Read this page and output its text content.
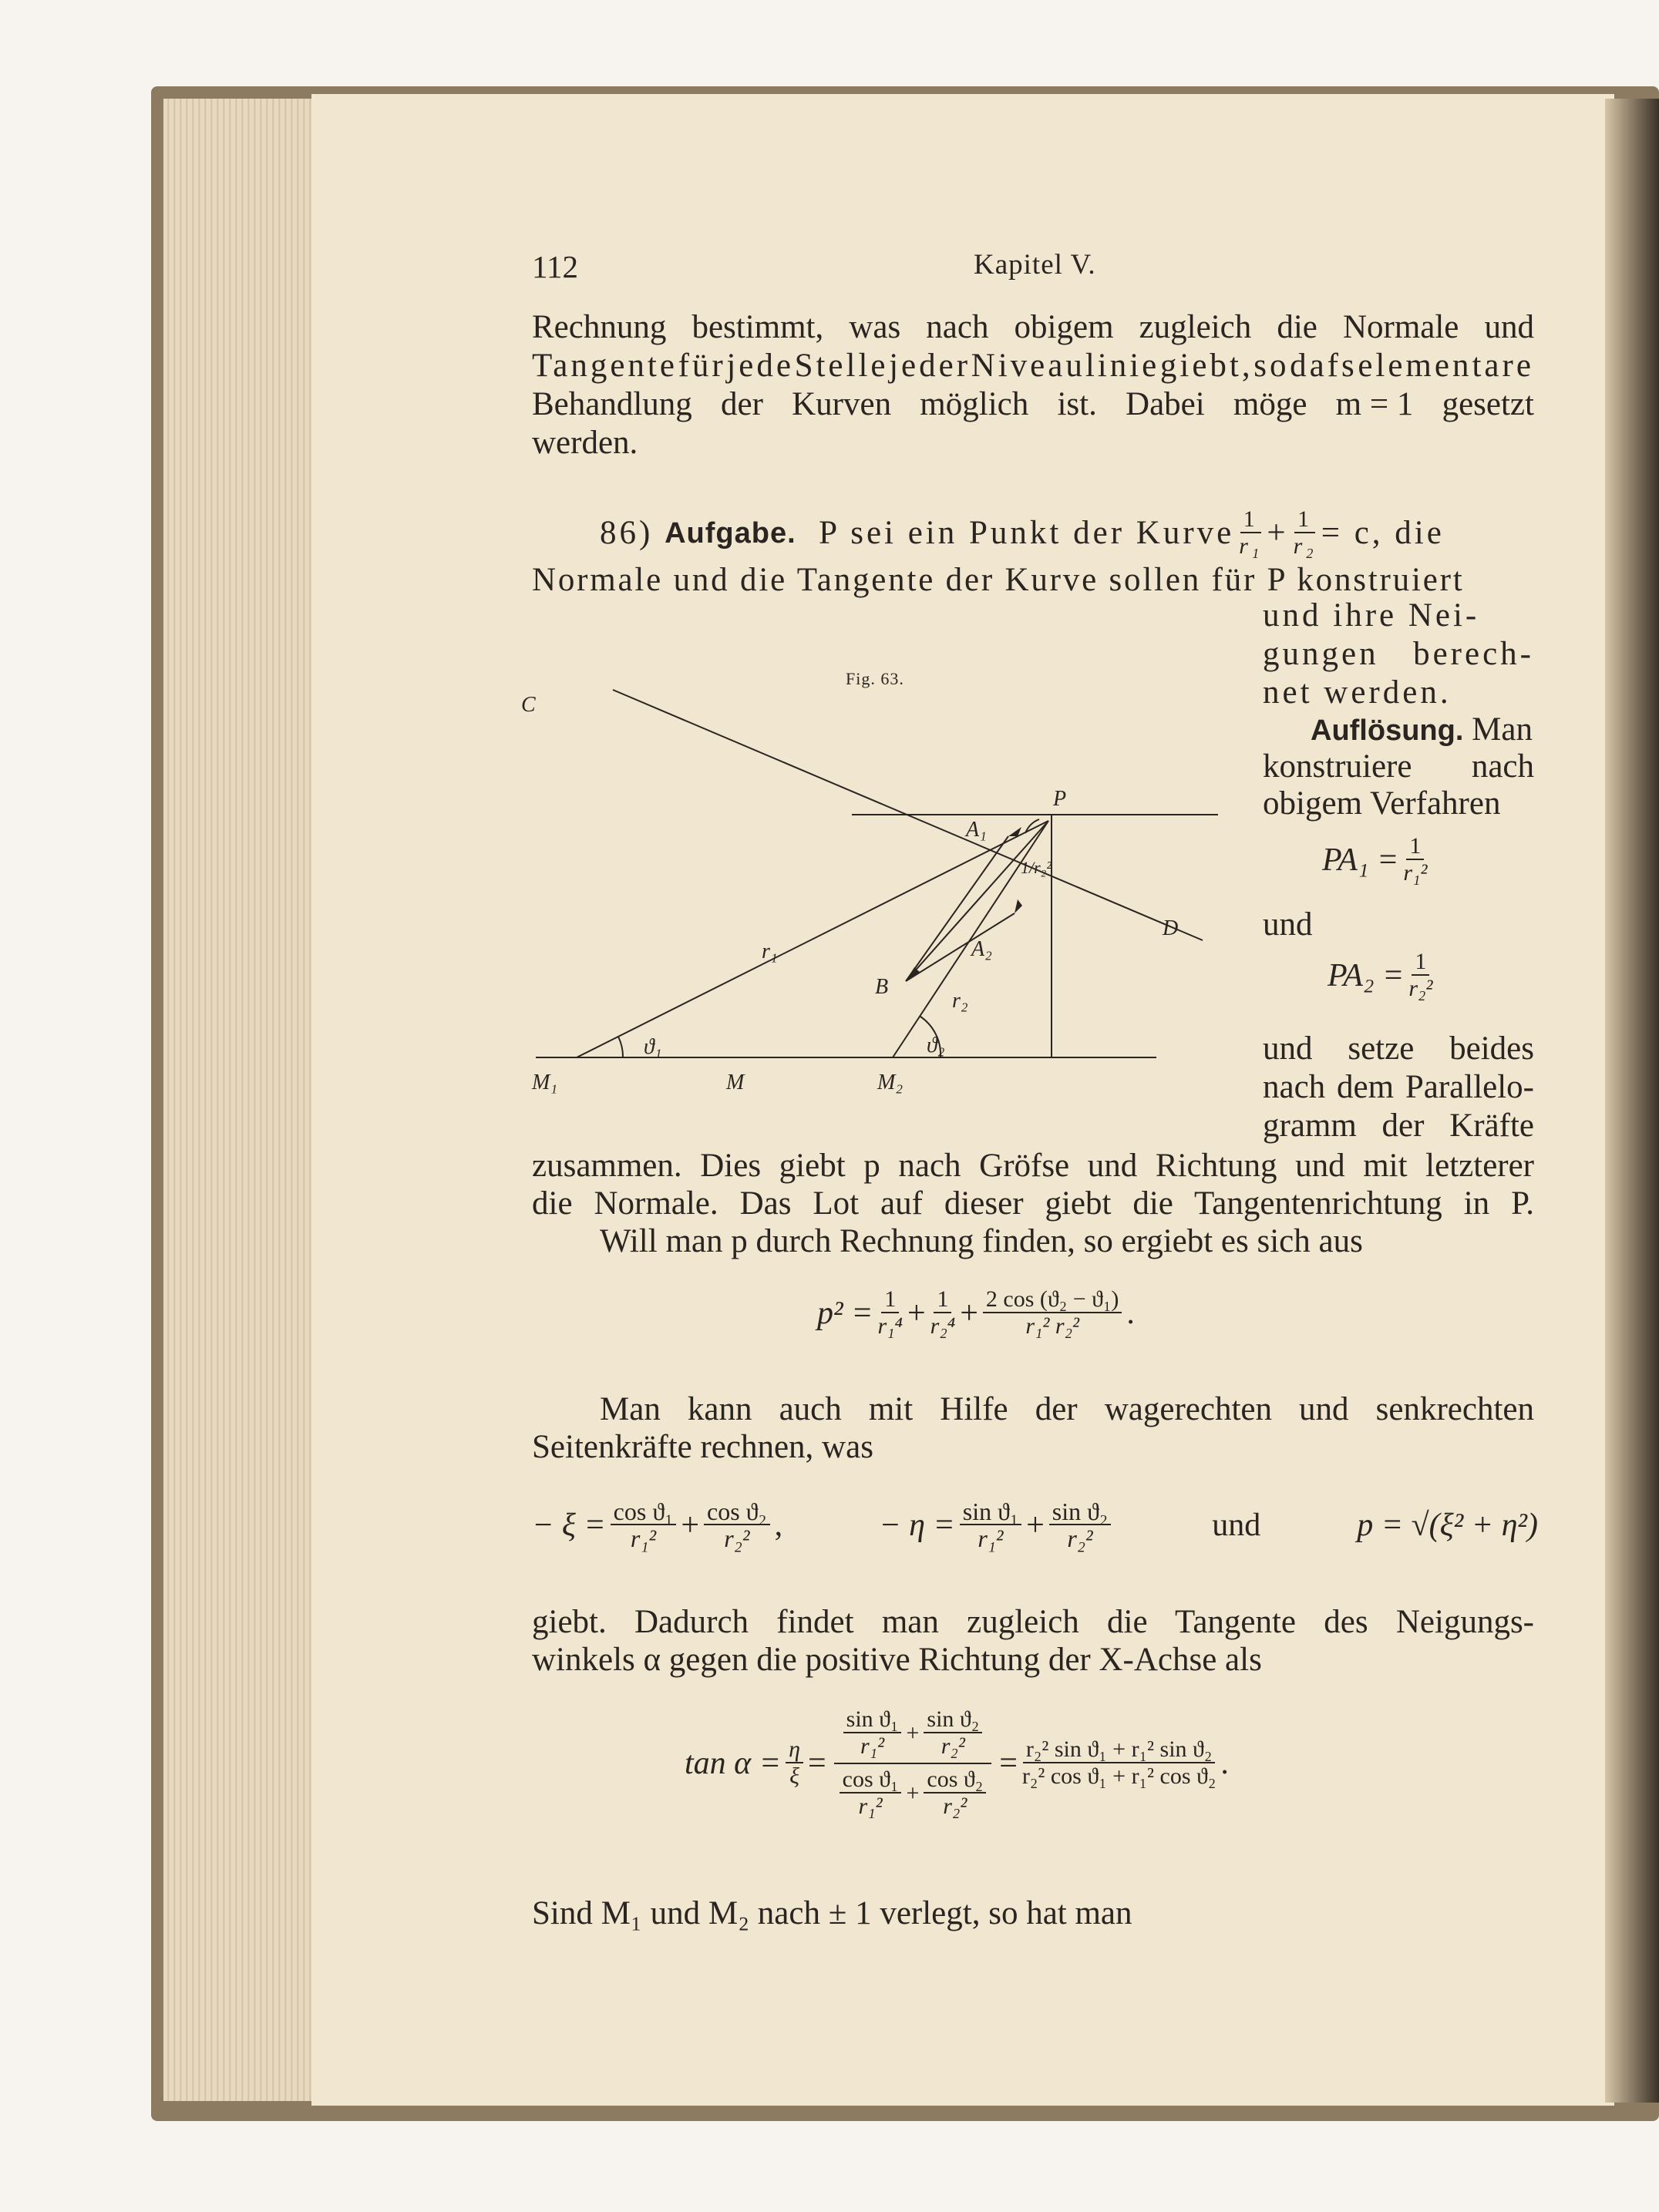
112	Kapitel V.
Rechnung bestimmt, was nach obigem zugleich die Normale und
Tangente für jede Stelle jeder Niveaulinie giebt, so dafs elementare
Behandlung der Kurven möglich ist. Dabei möge m = 1 gesetzt
werden.
86)
Aufgabe.
P sei ein Punkt der Kurve $\frac{1}{\text{r₁}} + \frac{1}{\text{r₂}} = c$, die
Normale und die Tangente der Kurve sollen für P konstruiert
und ihre Nei-
gungen berech-
net werden.
Auflösung. Man
konstruiere nach
obigem Verfahren
$PA_1 = \frac{1}{\text{r₁²}}$
und
$PA_2 = \frac{1}{\text{r₂²}}$
und setze beides
nach dem Parallelo-
gramm der Kräfte
Fig. 63.
C
P
D
A₁
A₂
B
r₁
r₂
ϑ₁	ϑ₂
1/r₂²
M₁	M	M₂
zusammen. Dies giebt p nach Gröfse und Richtung und mit letzterer
die Normale. Das Lot auf dieser giebt die Tangentenrichtung in P.
Will man p durch Rechnung finden, so ergiebt es sich aus
$p^2 = \frac{1}{\text{r₁⁴}} + \frac{1}{\text{r₂⁴}} + \frac{\text{2 cos (ϑ₂ − ϑ₁)}}{\text{r₁² r₂²}}$ .
Man kann auch mit Hilfe der wagerechten und senkrechten
Seitenkräfte rechnen, was
− $\xi = \frac{\text{cos ϑ₁}}{\text{r₁²}} + \frac{\text{cos ϑ₂}}{\text{r₂²}}$ ,	− $\eta = \frac{\text{sin ϑ₁}}{\text{r₁²}} + \frac{\text{sin ϑ₂}}{\text{r₂²}}$	und	p = √(ξ² + η²)
giebt. Dadurch findet man zugleich die Tangente des Neigungs-
winkels α gegen die positive Richtung der X-Achse als
$\tan \alpha = \frac{\eta}{\xi} = \frac{\frac{\text{sin ϑ₁}}{\text{r₁²}} + \frac{\text{sin ϑ₂}}{\text{r₂²}}}{\frac{\text{cos ϑ₁}}{\text{r₁²}} + \frac{\text{cos ϑ₂}}{\text{r₂²}}} = \frac{\text{r₂² sin ϑ₁ + r₁² sin ϑ₂}}{\text{r₂² cos ϑ₁ + r₁² cos ϑ₂}}$ .
Sind M₁ und M₂ nach ± 1 verlegt, so hat man
